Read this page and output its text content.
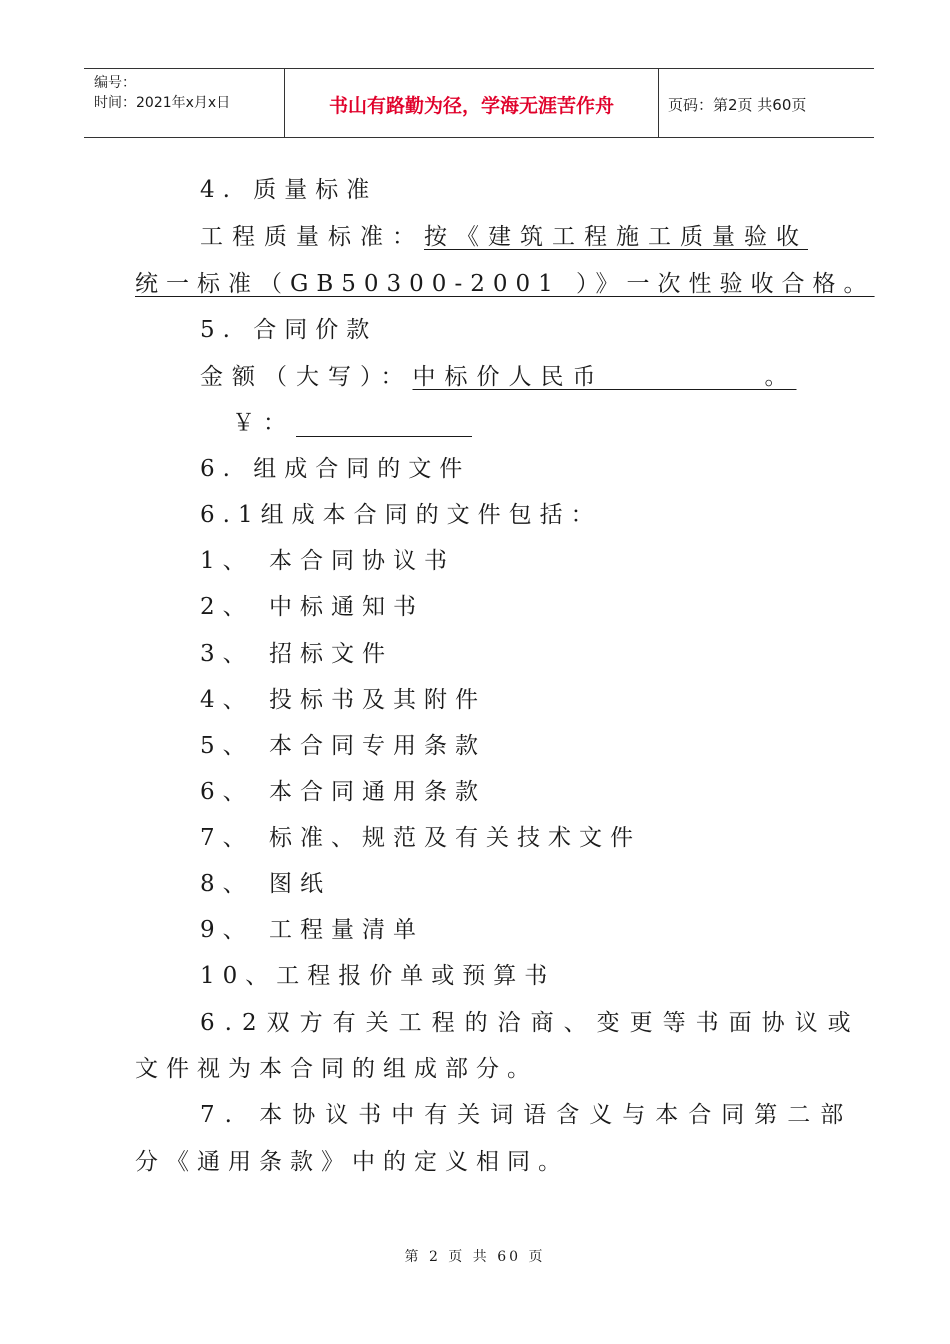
编号：
时间：2021年x月x日	书山有路勤为径，学海无涯苦作舟	页码：第2页 共60页
4. 质量标准
工程质量标准：按《建筑工程施工质量验收
统一标准（GB50300-2001 ）》一次性验收合格。
5. 合同价款
金额（大写）：中标价人民币　　　　　。
￥：
6. 组成合同的文件
6.1组成本合同的文件包括：
1、 本合同协议书
2、 中标通知书
3、 招标文件
4、 投标书及其附件
5、 本合同专用条款
6、 本合同通用条款
7、 标准、规范及有关技术文件
8、 图纸
9、 工程量清单
10、工程报价单或预算书
6.2双方有关工程的洽商、变更等书面协议或
文件视为本合同的组成部分。
7. 本协议书中有关词语含义与本合同第二部
分《通用条款》中的定义相同。
第 2 页 共 60 页
